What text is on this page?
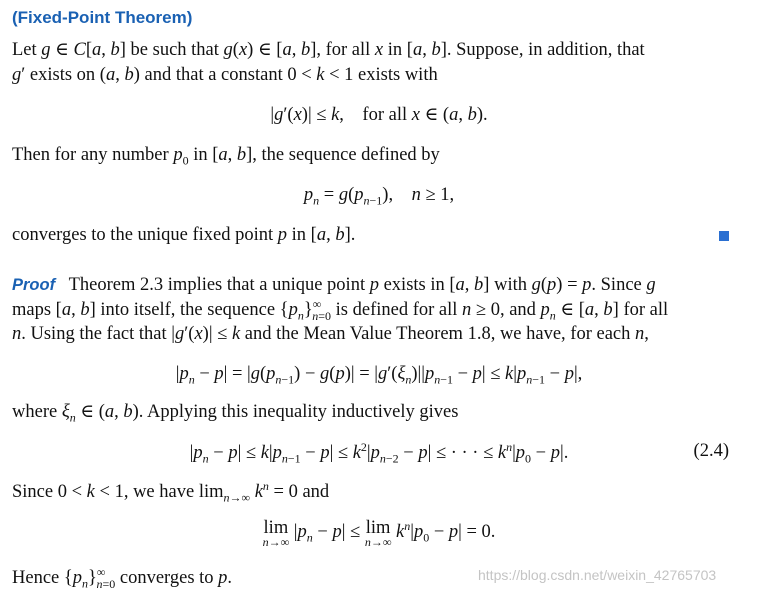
(Fixed-Point Theorem)
Let g ∈ C[a, b] be such that g(x) ∈ [a, b], for all x in [a, b]. Suppose, in addition, that
g′ exists on (a, b) and that a constant 0 < k < 1 exists with
|g′(x)| ≤ k,    for all x ∈ (a, b).
Then for any number $p_0$ in [a, b], the sequence defined by
$p_n = g(p_{n-1})$,    n ≥ 1,
converges to the unique fixed point p in [a, b].
Proof   Theorem 2.3 implies that a unique point p exists in [a, b] with g(p) = p. Since g
maps [a, b] into itself, the sequence $\{p_n\}^\infty_{n=0}$ is defined for all n ≥ 0, and $p_n$ ∈ [a, b] for all
n. Using the fact that |g′(x)| ≤ k and the Mean Value Theorem 1.8, we have, for each n,
$|p_n - p| = |g(p_{n-1}) - g(p)| = |g'(\xi_n)||p_{n-1} - p| \le k|p_{n-1} - p|$,
where $\xi_n$ ∈ (a, b). Applying this inequality inductively gives
$|p_n - p| \le k|p_{n-1} - p| \le k^2|p_{n-2} - p|$ ≤ · · · ≤ $k^n|p_0 - p|$.	(2.4)
Since 0 < k < 1, we have $\lim_{n\to\infty} k^n = 0$ and
lim
n→∞ $|p_n - p| \le \lim$
n→∞ $k^n|p_0 - p| = 0$.
Hence $\{p_n\}^\infty_{n=0}$ converges to p.	https://blog.csdn.net/weixin_42765703
